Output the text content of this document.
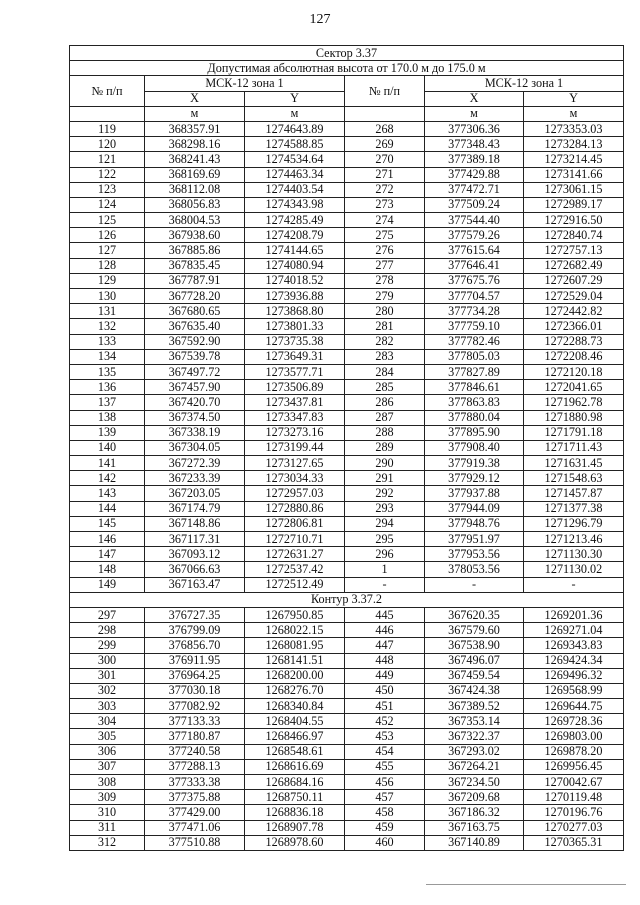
127
Сектор 3.37					
Допустимая абсолютная высота от 170.0 м до 175.0 м					
№ п/п	МСК-12 зона 1		№ п/п	МСК-12 зона 1	
	X	Y		X	Y
	м	м		м	м
119	368357.91	1274643.89	268	377306.36	1273353.03
120	368298.16	1274588.85	269	377348.43	1273284.13
121	368241.43	1274534.64	270	377389.18	1273214.45
122	368169.69	1274463.34	271	377429.88	1273141.66
123	368112.08	1274403.54	272	377472.71	1273061.15
124	368056.83	1274343.98	273	377509.24	1272989.17
125	368004.53	1274285.49	274	377544.40	1272916.50
126	367938.60	1274208.79	275	377579.26	1272840.74
127	367885.86	1274144.65	276	377615.64	1272757.13
128	367835.45	1274080.94	277	377646.41	1272682.49
129	367787.91	1274018.52	278	377675.76	1272607.29
130	367728.20	1273936.88	279	377704.57	1272529.04
131	367680.65	1273868.80	280	377734.28	1272442.82
132	367635.40	1273801.33	281	377759.10	1272366.01
133	367592.90	1273735.38	282	377782.46	1272288.73
134	367539.78	1273649.31	283	377805.03	1272208.46
135	367497.72	1273577.71	284	377827.89	1272120.18
136	367457.90	1273506.89	285	377846.61	1272041.65
137	367420.70	1273437.81	286	377863.83	1271962.78
138	367374.50	1273347.83	287	377880.04	1271880.98
139	367338.19	1273273.16	288	377895.90	1271791.18
140	367304.05	1273199.44	289	377908.40	1271711.43
141	367272.39	1273127.65	290	377919.38	1271631.45
142	367233.39	1273034.33	291	377929.12	1271548.63
143	367203.05	1272957.03	292	377937.88	1271457.87
144	367174.79	1272880.86	293	377944.09	1271377.38
145	367148.86	1272806.81	294	377948.76	1271296.79
146	367117.31	1272710.71	295	377951.97	1271213.46
147	367093.12	1272631.27	296	377953.56	1271130.30
148	367066.63	1272537.42	1	378053.56	1271130.02
149	367163.47	1272512.49	-	-	-
Контур 3.37.2					
297	376727.35	1267950.85	445	367620.35	1269201.36
298	376799.09	1268022.15	446	367579.60	1269271.04
299	376856.70	1268081.95	447	367538.90	1269343.83
300	376911.95	1268141.51	448	367496.07	1269424.34
301	376964.25	1268200.00	449	367459.54	1269496.32
302	377030.18	1268276.70	450	367424.38	1269568.99
303	377082.92	1268340.84	451	367389.52	1269644.75
304	377133.33	1268404.55	452	367353.14	1269728.36
305	377180.87	1268466.97	453	367322.37	1269803.00
306	377240.58	1268548.61	454	367293.02	1269878.20
307	377288.13	1268616.69	455	367264.21	1269956.45
308	377333.38	1268684.16	456	367234.50	1270042.67
309	377375.88	1268750.11	457	367209.68	1270119.48
310	377429.00	1268836.18	458	367186.32	1270196.76
311	377471.06	1268907.78	459	367163.75	1270277.03
312	377510.88	1268978.60	460	367140.89	1270365.31
